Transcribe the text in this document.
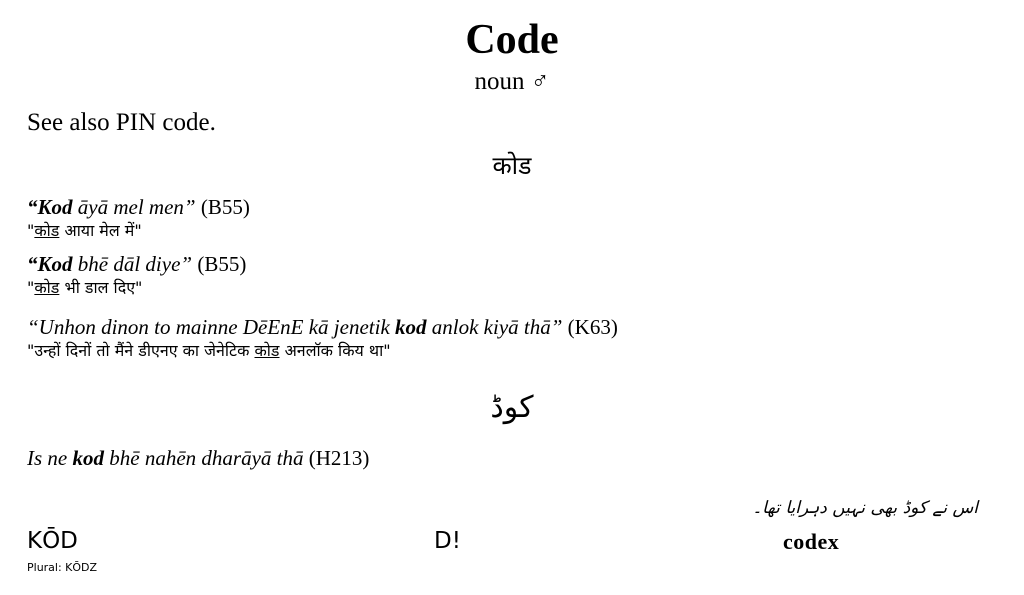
Code
noun ♂
See also PIN code.
कोड
“Kod āyā mel men” (B55)
"कोड आया मेल में"
“Kod bhē dāl diye” (B55)
"कोड भी डाल दिए"
“Unhon dinon to mainne DēEnE kā jenetik kod anlok kiyā thā” (K63)
"उन्हों दिनों तो मैंने डीएनए का जेनेटिक कोड अनलॉक किय था"
کوڈ
Is ne kod bhē nahēn dharāyā thā (H213)
اس نے کوڈ بھی نہیں دہرایا تھا۔
KŌD
Plural: KŌDZ
D!	codex
